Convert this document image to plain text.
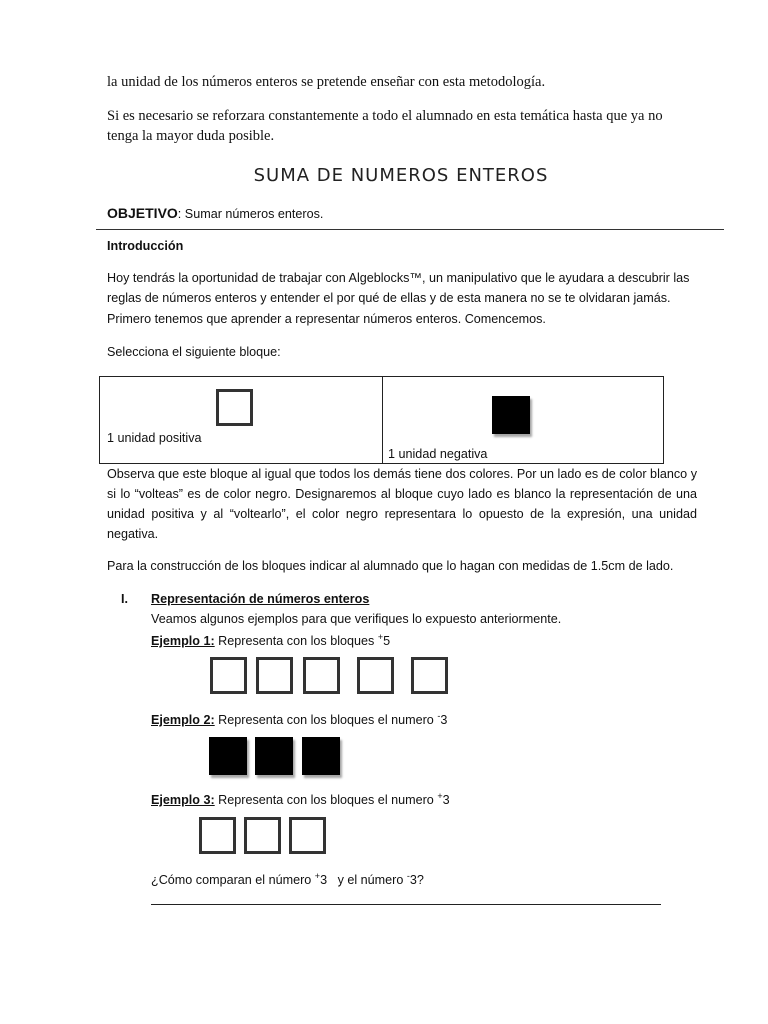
la unidad de los números enteros se pretende enseñar con esta metodología.

Si es necesario se reforzara constantemente a todo el alumnado en esta temática hasta que ya no

tenga la mayor duda posible.

SUMA DE NUMEROS ENTEROS

OBJETIVO: Sumar números enteros.

Introducción

Hoy tendrás la oportunidad de trabajar con Algeblocks™, un manipulativo que le ayudara a descubrir las

reglas de números enteros y entender el por qué de ellas y de esta manera no se te olvidaran jamás.

Primero tenemos que aprender a representar números enteros. Comencemos.

Selecciona el siguiente bloque:

1 unidad positiva
1 unidad negativa
Observa que este bloque al igual que todos los demás tiene dos colores. Por un lado es de color blanco y
si lo “volteas” es de color negro. Designaremos al bloque cuyo lado es blanco la representación de una
unidad positiva y al “voltearlo”, el color negro representara lo opuesto de la expresión, una unidad
negativa.

Para la construcción de los bloques indicar al alumnado que lo hagan con medidas de 1.5cm de lado.

I. Representación de números enteros

Veamos algunos ejemplos para que verifiques lo expuesto anteriormente.

Ejemplo 1: Representa con los bloques +5

Ejemplo 2: Representa con los bloques el numero -3

Ejemplo 3: Representa con los bloques el numero +3

¿Cómo comparan el número +3   y el número -3?
